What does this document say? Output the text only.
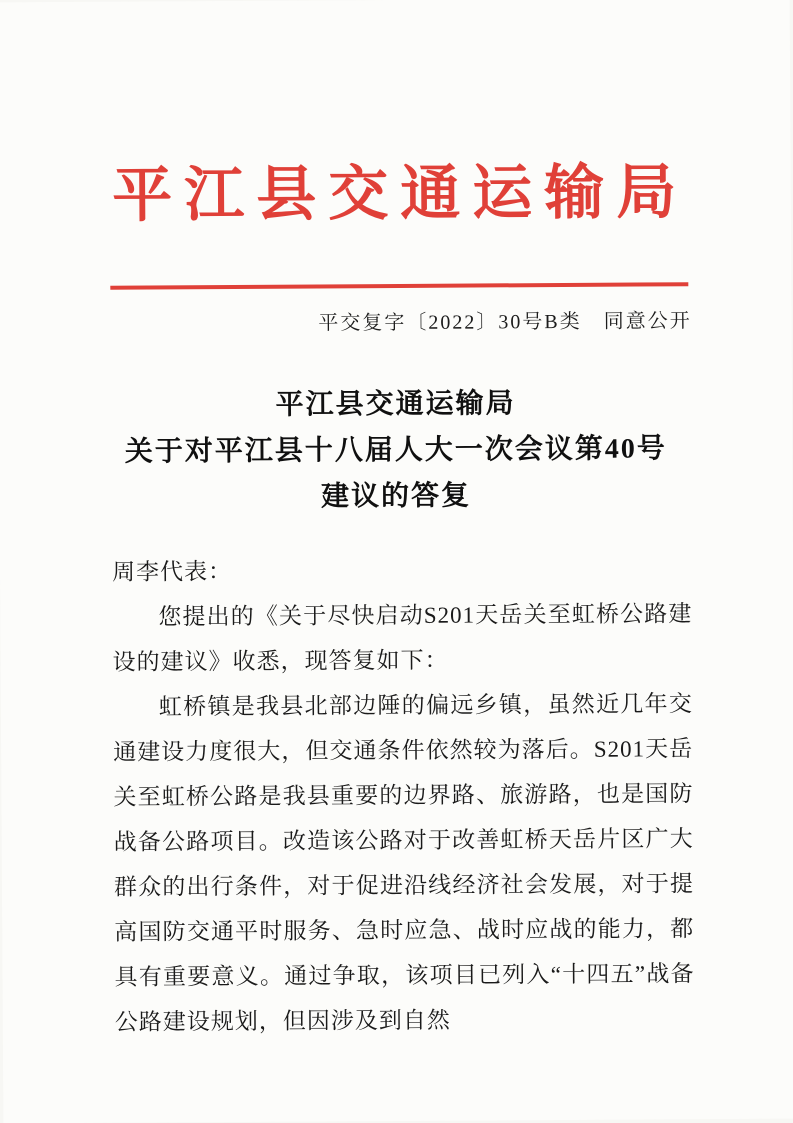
平江县交通运输局
平交复字〔2022〕30号B类　同意公开
平江县交通运输局
关于对平江县十八届人大一次会议第40号
建议的答复

周李代表：

您提出的《关于尽快启动S201天岳关至虹桥公路建设的建议》收悉，现答复如下：

虹桥镇是我县北部边陲的偏远乡镇，虽然近几年交通建设力度很大，但交通条件依然较为落后。S201天岳关至虹桥公路是我县重要的边界路、旅游路，也是国防战备公路项目。改造该公路对于改善虹桥天岳片区广大群众的出行条件，对于促进沿线经济社会发展，对于提高国防交通平时服务、急时应急、战时应战的能力，都具有重要意义。通过争取，该项目已列入“十四五”战备公路建设规划，但因涉及到自然
